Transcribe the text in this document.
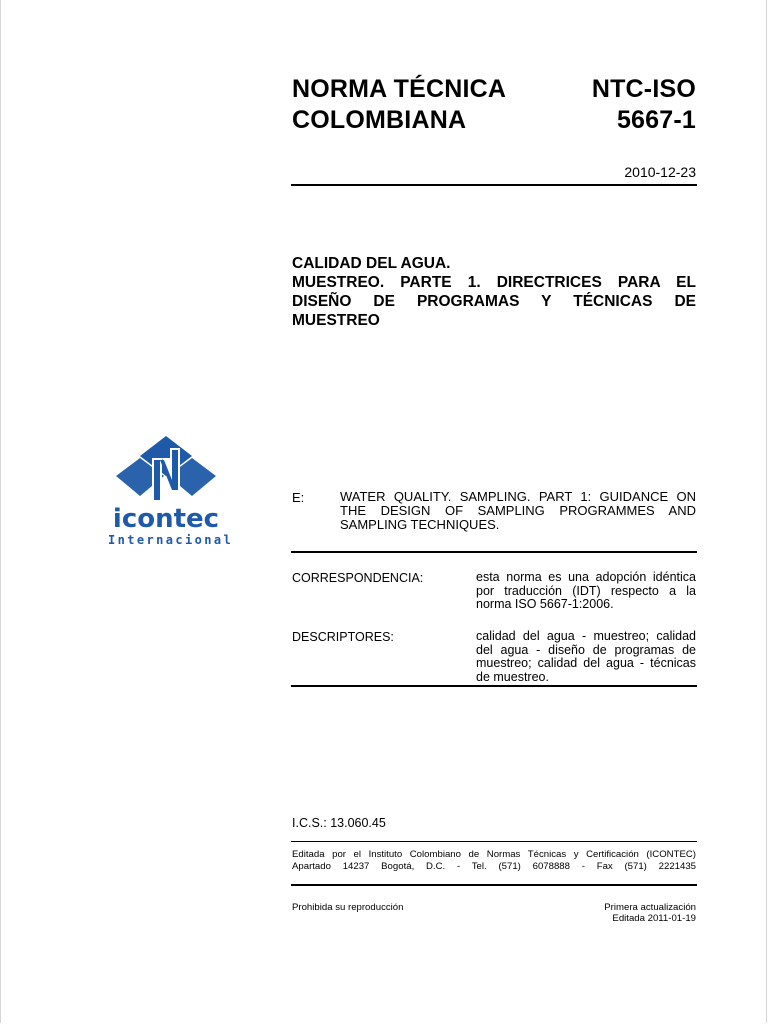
NORMA TÉCNICA
COLOMBIANA
NTC-ISO
5667-1
2010-12-23
CALIDAD DEL AGUA.
MUESTREO. PARTE 1. DIRECTRICES PARA EL
DISEÑO DE PROGRAMAS Y TÉCNICAS DE
MUESTREO
icontec
Internacional
E:	WATER QUALITY. SAMPLING. PART 1: GUIDANCE ON
THE DESIGN OF SAMPLING PROGRAMMES AND
SAMPLING TECHNIQUES.
CORRESPONDENCIA:	esta norma es una adopción idéntica
por traducción (IDT) respecto a la
norma ISO 5667-1:2006.
DESCRIPTORES:	calidad del agua - muestreo; calidad
del agua - diseño de programas de
muestreo; calidad del agua - técnicas
de muestreo.
I.C.S.: 13.060.45
Editada por el Instituto Colombiano de Normas Técnicas y Certificación (ICONTEC)
Apartado 14237 Bogotá, D.C. - Tel. (571) 6078888 - Fax (571) 2221435
Prohibida su reproducción	Primera actualización
Editada 2011-01-19
